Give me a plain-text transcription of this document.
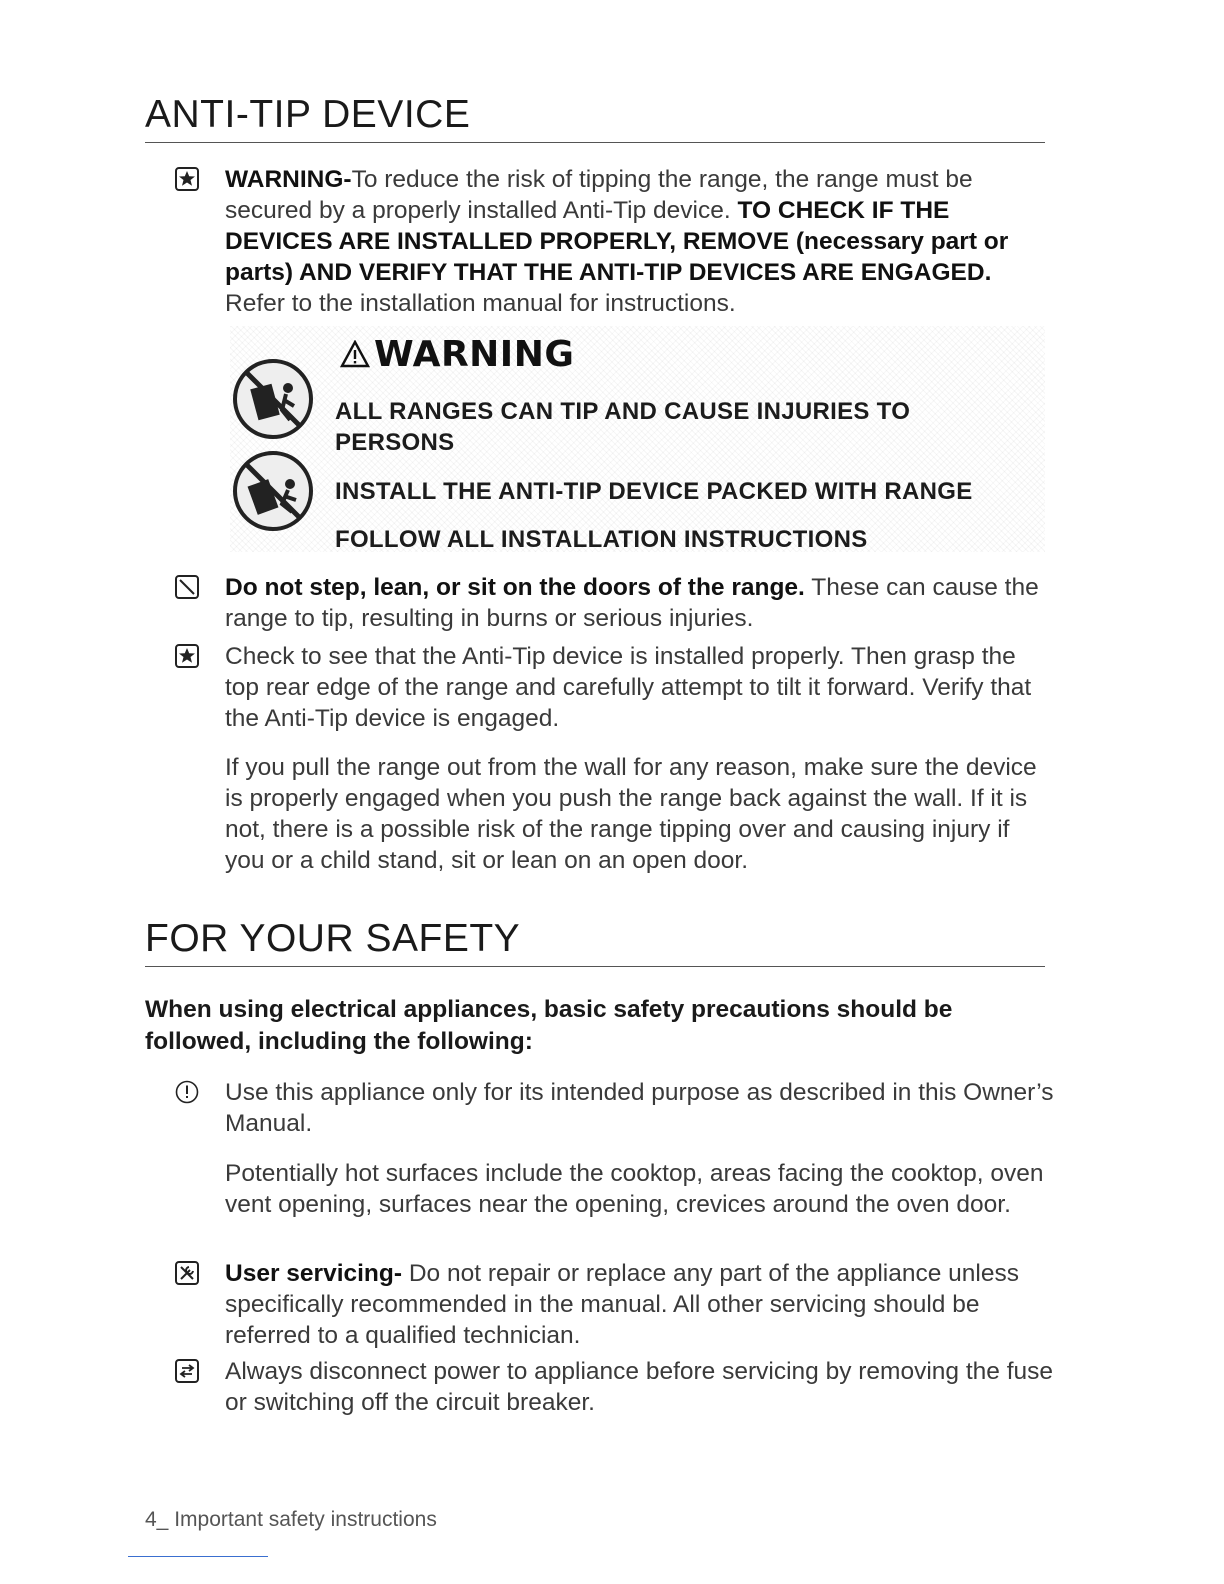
ANTI-TIP DEVICE
WARNING-To reduce the risk of tipping the range, the range must be secured by a properly installed Anti-Tip device. TO CHECK IF THE DEVICES ARE INSTALLED PROPERLY, REMOVE (necessary part or parts) AND VERIFY THAT THE ANTI-TIP DEVICES ARE ENGAGED. Refer to the installation manual for instructions.
WARNING
ALL RANGES CAN TIP AND CAUSE INJURIES TO
PERSONS
INSTALL THE ANTI-TIP DEVICE PACKED WITH RANGE
FOLLOW ALL INSTALLATION INSTRUCTIONS
Do not step, lean, or sit on the doors of the range. These can cause the range to tip, resulting in burns or serious injuries.
Check to see that the Anti-Tip device is installed properly. Then grasp the top rear edge of the range and carefully attempt to tilt it forward. Verify that the Anti-Tip device is engaged.
If you pull the range out from the wall for any reason, make sure the device is properly engaged when you push the range back against the wall. If it is not, there is a possible risk of the range tipping over and causing injury if you or a child stand, sit or lean on an open door.
FOR YOUR SAFETY
When using electrical appliances, basic safety precautions should be followed, including the following:
Use this appliance only for its intended purpose as described in this Owner’s Manual.
Potentially hot surfaces include the cooktop, areas facing the cooktop, oven vent opening, surfaces near the opening, crevices around the oven door.
User servicing- Do not repair or replace any part of the appliance unless specifically recommended in the manual. All other servicing should be referred to a qualified technician.
Always disconnect power to appliance before servicing by removing the fuse or switching off the circuit breaker.
4_ Important safety instructions
